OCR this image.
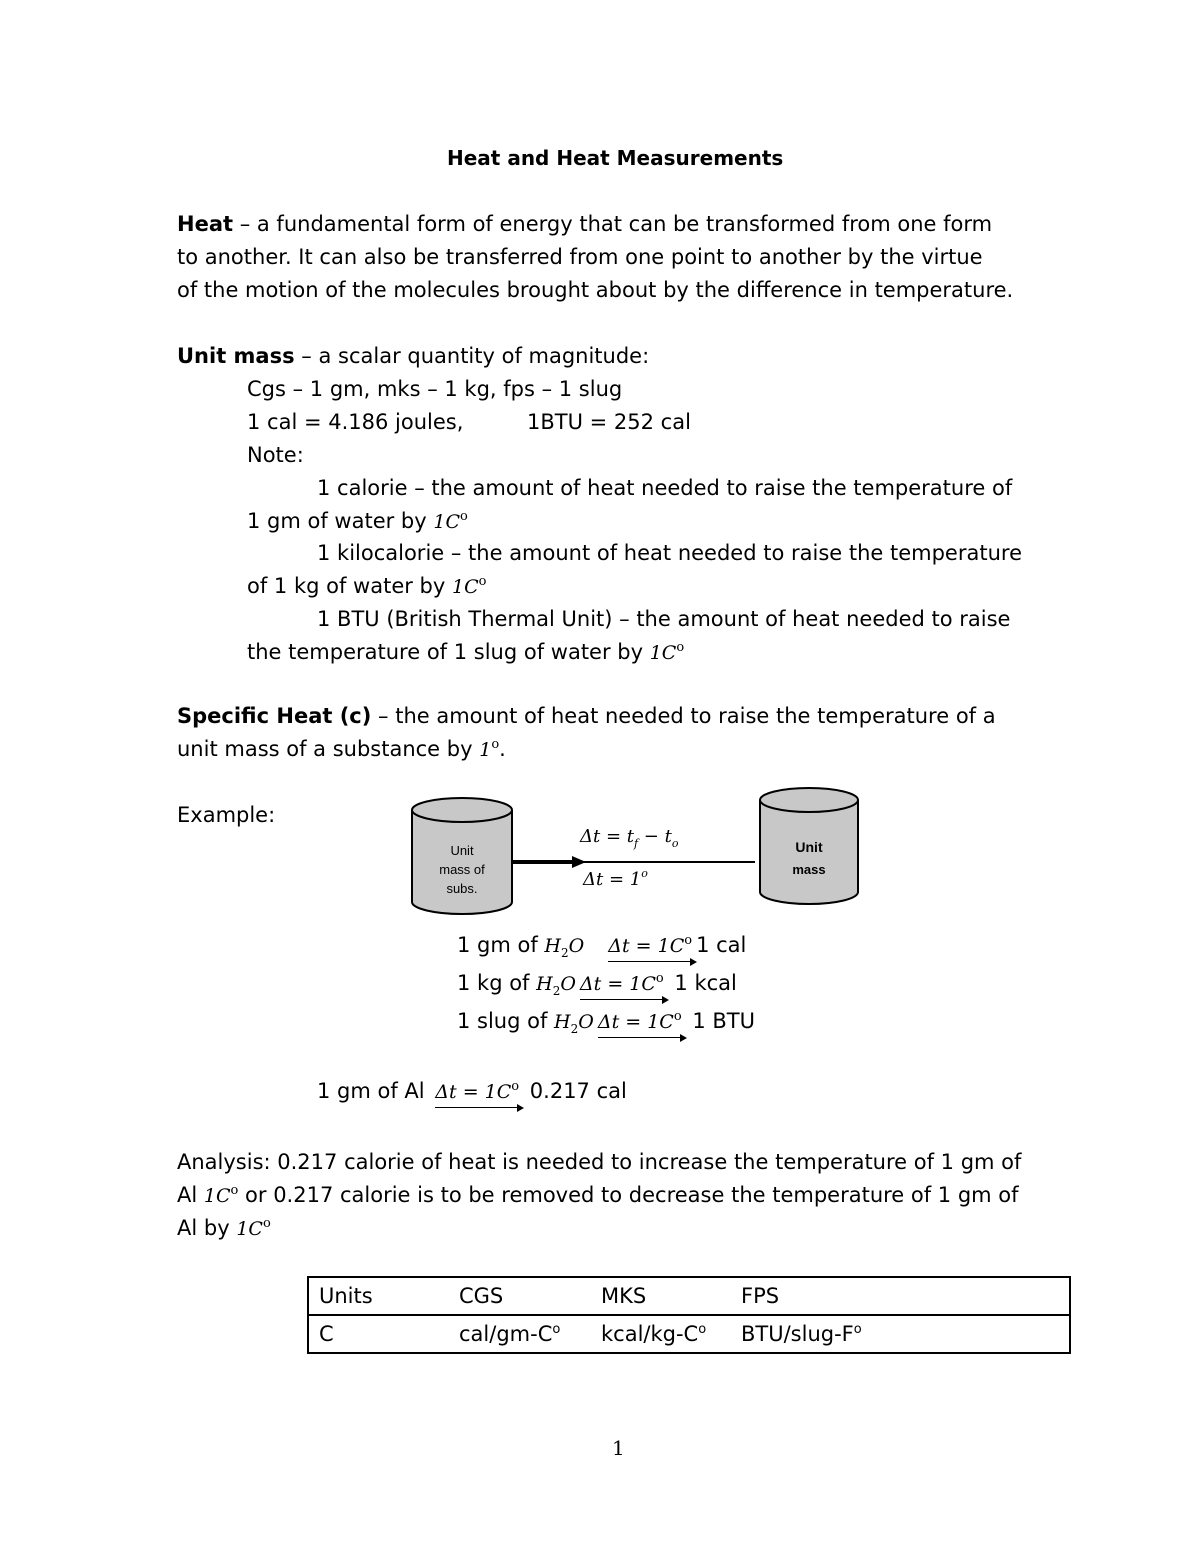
Heat and Heat Measurements
Heat – a fundamental form of energy that can be transformed from one form
to another. It can also be transferred from one point to another by the virtue
of the motion of the molecules brought about by the difference in temperature.
Unit mass – a scalar quantity of magnitude:
Cgs – 1 gm, mks – 1 kg, fps – 1 slug
1 cal = 4.186 joules,	1BTU = 252 cal
Note:
1 calorie – the amount of heat needed to raise the temperature of
1 gm of water by $1C^o$
1 kilocalorie – the amount of heat needed to raise the temperature
of 1 kg of water by $1C^o$
1 BTU (British Thermal Unit) – the amount of heat needed to raise
the temperature of 1 slug of water by $1C^o$
Specific Heat (c) – the amount of heat needed to raise the temperature of a
unit mass of a substance by 1$^o$.
Example:
Unit
mass of
subs.
$\Delta t = t_f - t_o$
$\Delta t = 1^o$
Unit
mass
1 gm of $H_2O$ $\Delta t = 1C^o$ 1 cal
1 kg of $H_2O$ $\Delta t = 1C^o$ 1 kcal
1 slug of $H_2O$ $\Delta t = 1C^o$ 1 BTU
1 gm of Al $\Delta t = 1C^o$ 0.217 cal
Analysis: 0.217 calorie of heat is needed to increase the temperature of 1 gm of
Al $1C^o$ or 0.217 calorie is to be removed to decrease the temperature of 1 gm of
Al by $1C^o$
Units	CGS	MKS	FPS
C	cal/$gm-C^o$	kcal/$kg-C^o$	BTU/$slug-F^o$
1
